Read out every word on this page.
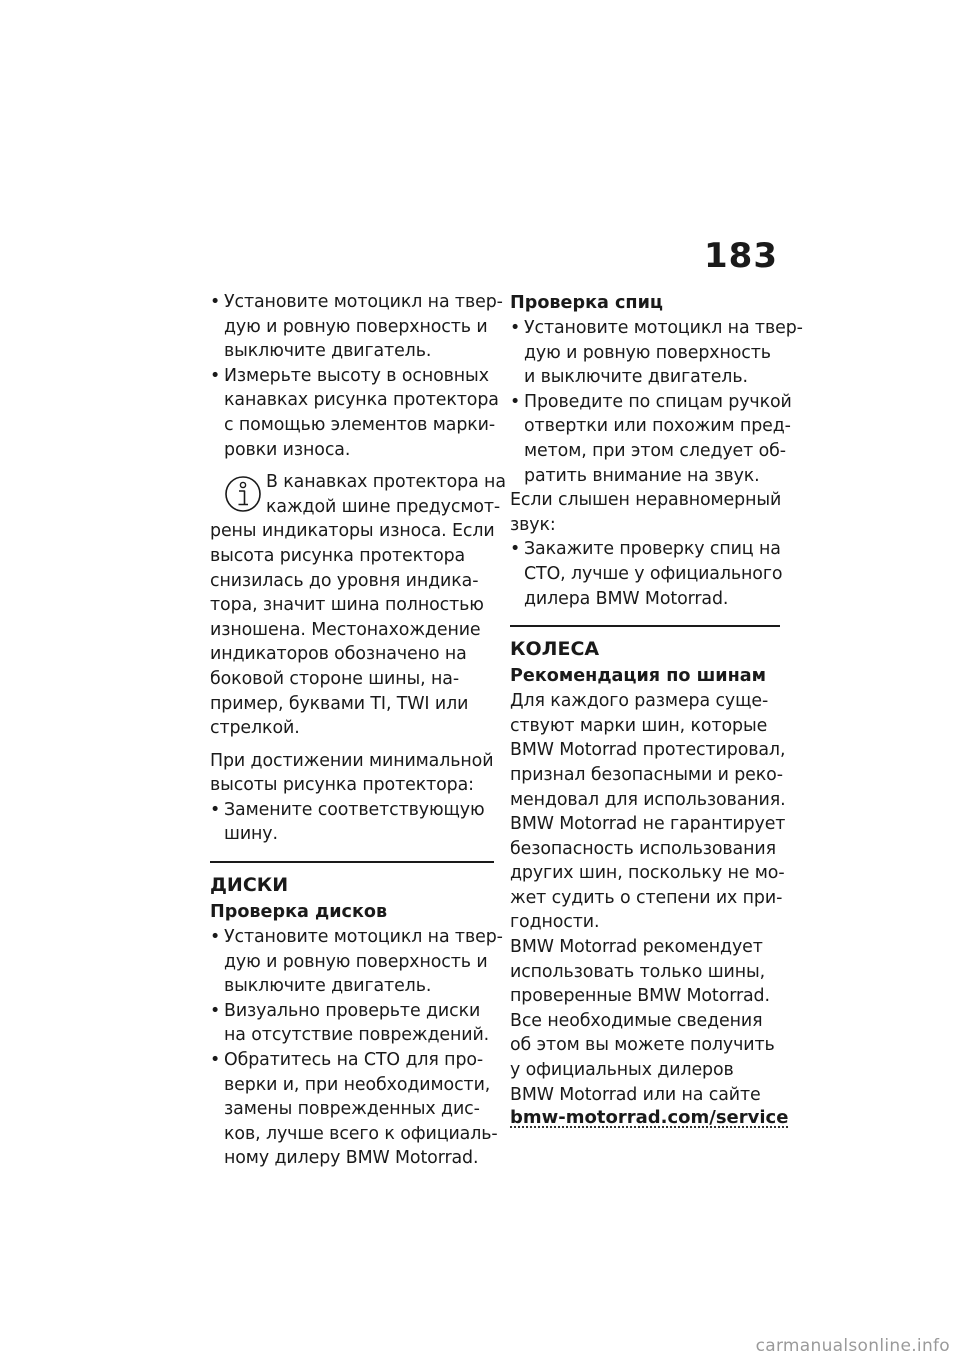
183
• Установите мотоцикл на твер-
дую и ровную поверхность и
выключите двигатель.
• Измерьте высоту в основных
канавках рисунка протектора
с помощью элементов марки-
ровки износа.
В канавках протектора на
каждой шине предусмот-
рены индикаторы износа. Если
высота рисунка протектора
снизилась до уровня индика-
тора, значит шина полностью
изношена. Местонахождение
индикаторов обозначено на
боковой стороне шины, на-
пример, буквами TI, TWI или
стрелкой.
При достижении минимальной
высоты рисунка протектора:
• Замените соответствующую
шину.
ДИСКИ
Проверка дисков
• Установите мотоцикл на твер-
дую и ровную поверхность и
выключите двигатель.
• Визуально проверьте диски
на отсутствие повреждений.
• Обратитесь на СТО для про-
верки и, при необходимости,
замены поврежденных дис-
ков, лучше всего к официаль-
ному дилеру BMW Motorrad.
Проверка спиц
• Установите мотоцикл на твер-
дую и ровную поверхность
и выключите двигатель.
• Проведите по спицам ручкой
отвертки или похожим пред-
метом, при этом следует об-
ратить внимание на звук.
Если слышен неравномерный
звук:
• Закажите проверку спиц на
СТО, лучше у официального
дилера BMW Motorrad.
КОЛЕСА
Рекомендация по шинам
Для каждого размера суще-
ствуют марки шин, которые
BMW Motorrad протестировал,
признал безопасными и реко-
мендовал для использования.
BMW Motorrad не гарантирует
безопасность использования
других шин, поскольку не мо-
жет судить о степени их при-
годности.
BMW Motorrad рекомендует
использовать только шины,
проверенные BMW Motorrad.
Все необходимые сведения
об этом вы можете получить
у официальных дилеров
BMW Motorrad или на сайте
bmw-motorrad.com/service
carmanualsonline.info
